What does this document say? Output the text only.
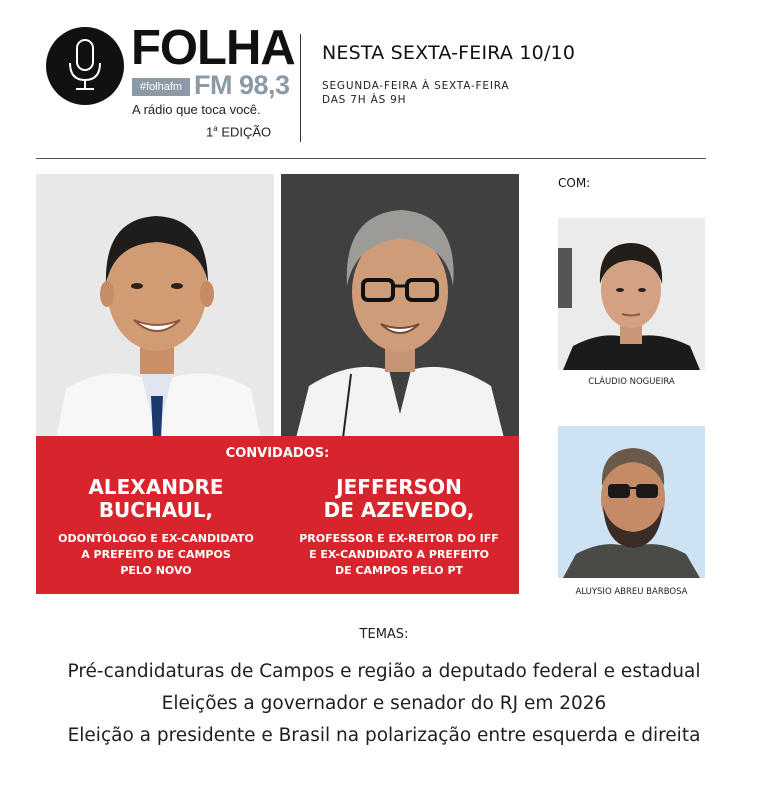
FOLHA
#folhafm FM 98,3
A rádio que toca você.
1$^a$ EDIÇÃO
NESTA SEXTA-FEIRA 10/10
SEGUNDA-FEIRA À SEXTA-FEIRA
DAS 7H ÀS 9H
CONVIDADOS:
ALEXANDRE
BUCHAUL,
ODONTÓLOGO E EX-CANDIDATO
A PREFEITO DE CAMPOS
PELO NOVO
JEFFERSON
DE AZEVEDO,
PROFESSOR E EX-REITOR DO IFF
E EX-CANDIDATO A PREFEITO
DE CAMPOS PELO PT
COM:
CLÁUDIO NOGUEIRA
ALUYSIO ABREU BARBOSA
TEMAS:
Pré-candidaturas de Campos e região a deputado federal e estadual
Eleições a governador e senador do RJ em 2026
Eleição a presidente e Brasil na polarização entre esquerda e direita
